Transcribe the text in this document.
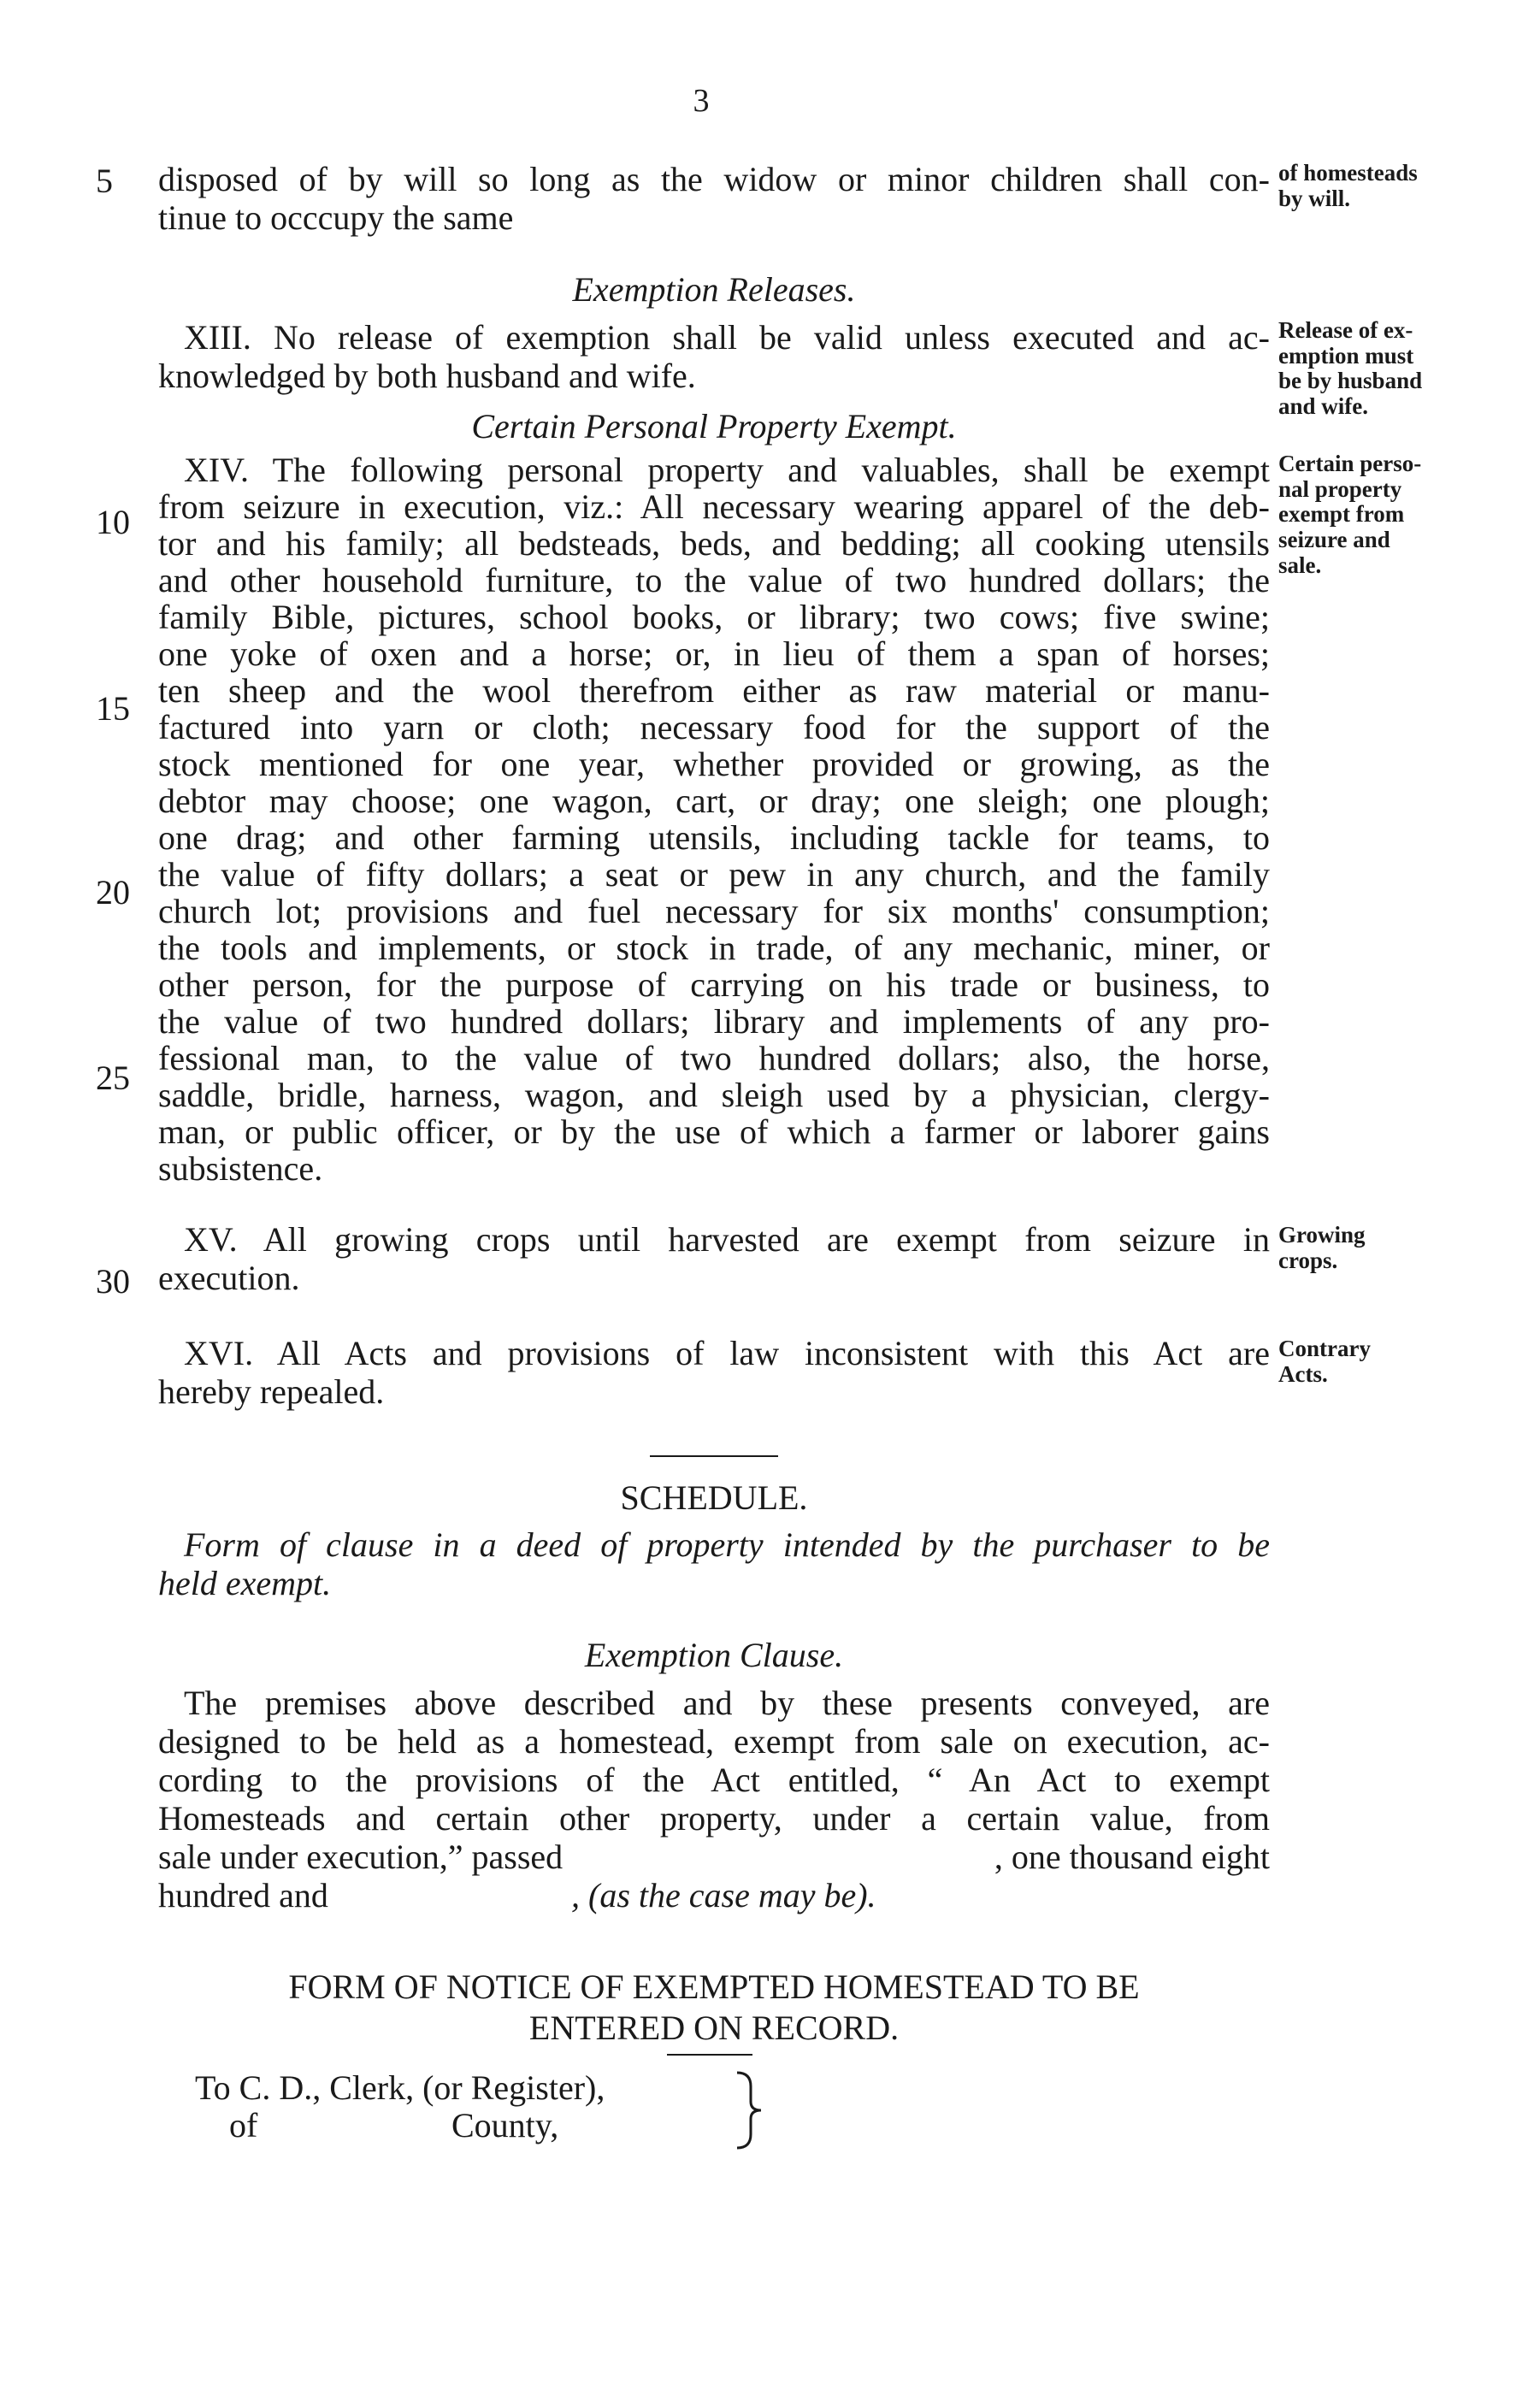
3
5
10
15
20
25
30
disposed of by will so long as the widow or minor children shall con-
tinue to occcupy the same
of homesteads
by will.
Exemption Releases.
XIII. No release of exemption shall be valid unless executed and ac-
knowledged by both husband and wife.
Release of ex-
emption must
be by husband
and wife.
Certain Personal Property Exempt.
XIV. The following personal property and valuables, shall be exempt
from seizure in execution, viz.: All necessary wearing apparel of the deb-
tor and his family; all bedsteads, beds, and bedding; all cooking utensils
and other household furniture, to the value of two hundred dollars; the
family Bible, pictures, school books, or library; two cows; five swine;
one yoke of oxen and a horse; or, in lieu of them a span of horses;
ten sheep and the wool therefrom either as raw material or manu-
factured into yarn or cloth; necessary food for the support of the
stock mentioned for one year, whether provided or growing, as the
debtor may choose; one wagon, cart, or dray; one sleigh; one plough;
one drag; and other farming utensils, including tackle for teams, to
the value of fifty dollars; a seat or pew in any church, and the family
church lot; provisions and fuel necessary for six months' consumption;
the tools and implements, or stock in trade, of any mechanic, miner, or
other person, for the purpose of carrying on his trade or business, to
the value of two hundred dollars; library and implements of any pro-
fessional man, to the value of two hundred dollars; also, the horse,
saddle, bridle, harness, wagon, and sleigh used by a physician, clergy-
man, or public officer, or by the use of which a farmer or laborer gains
subsistence.
Certain perso-
nal property
exempt from
seizure and
sale.
XV. All growing crops until harvested are exempt from seizure in
execution.
Growing
crops.
XVI. All Acts and provisions of law inconsistent with this Act are
hereby repealed.
Contrary
Acts.
SCHEDULE.
Form of clause in a deed of property intended by the purchaser to be
held exempt.
Exemption Clause.
The premises above described and by these presents conveyed, are
designed to be held as a homestead, exempt from sale on execution, ac-
cording to the provisions of the Act entitled, “ An Act to exempt
Homesteads and certain other property, under a certain value, from
sale under execution,” passed	, one thousand eight
hundred and	, (as the case may be).
FORM OF NOTICE OF EXEMPTED HOMESTEAD TO BE
ENTERED ON RECORD.
To C. D., Clerk, (or Register),
of	County,
